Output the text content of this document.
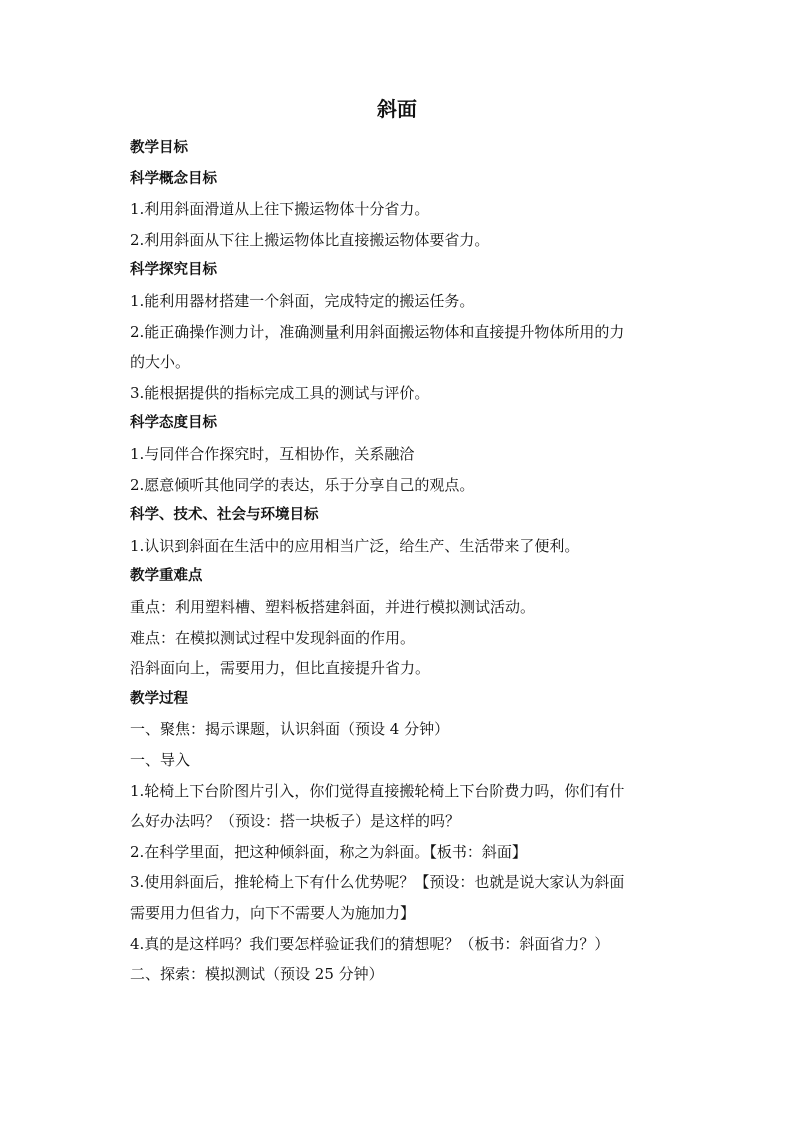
斜面
教学目标
科学概念目标
1.利用斜面滑道从上往下搬运物体十分省力。
2.利用斜面从下往上搬运物体比直接搬运物体要省力。
科学探究目标
1.能利用器材搭建一个斜面，完成特定的搬运任务。
2.能正确操作测力计，准确测量利用斜面搬运物体和直接提升物体所用的力
的大小。
3.能根据提供的指标完成工具的测试与评价。
科学态度目标
1.与同伴合作探究时，互相协作，关系融洽
2.愿意倾听其他同学的表达，乐于分享自己的观点。
科学、技术、社会与环境目标
1.认识到斜面在生活中的应用相当广泛，给生产、生活带来了便利。
教学重难点
重点：利用塑料槽、塑料板搭建斜面，并进行模拟测试活动。
难点：在模拟测试过程中发现斜面的作用。
沿斜面向上，需要用力，但比直接提升省力。
教学过程
一、聚焦：揭示课题，认识斜面（预设 4 分钟）
一、导入
1.轮椅上下台阶图片引入，你们觉得直接搬轮椅上下台阶费力吗，你们有什
么好办法吗？（预设：搭一块板子）是这样的吗？
2.在科学里面，把这种倾斜面，称之为斜面。【板书：斜面】
3.使用斜面后，推轮椅上下有什么优势呢？【预设：也就是说大家认为斜面
需要用力但省力，向下不需要人为施加力】
4.真的是这样吗？我们要怎样验证我们的猜想呢？（板书：斜面省力？）
二、探索：模拟测试（预设 25 分钟）
